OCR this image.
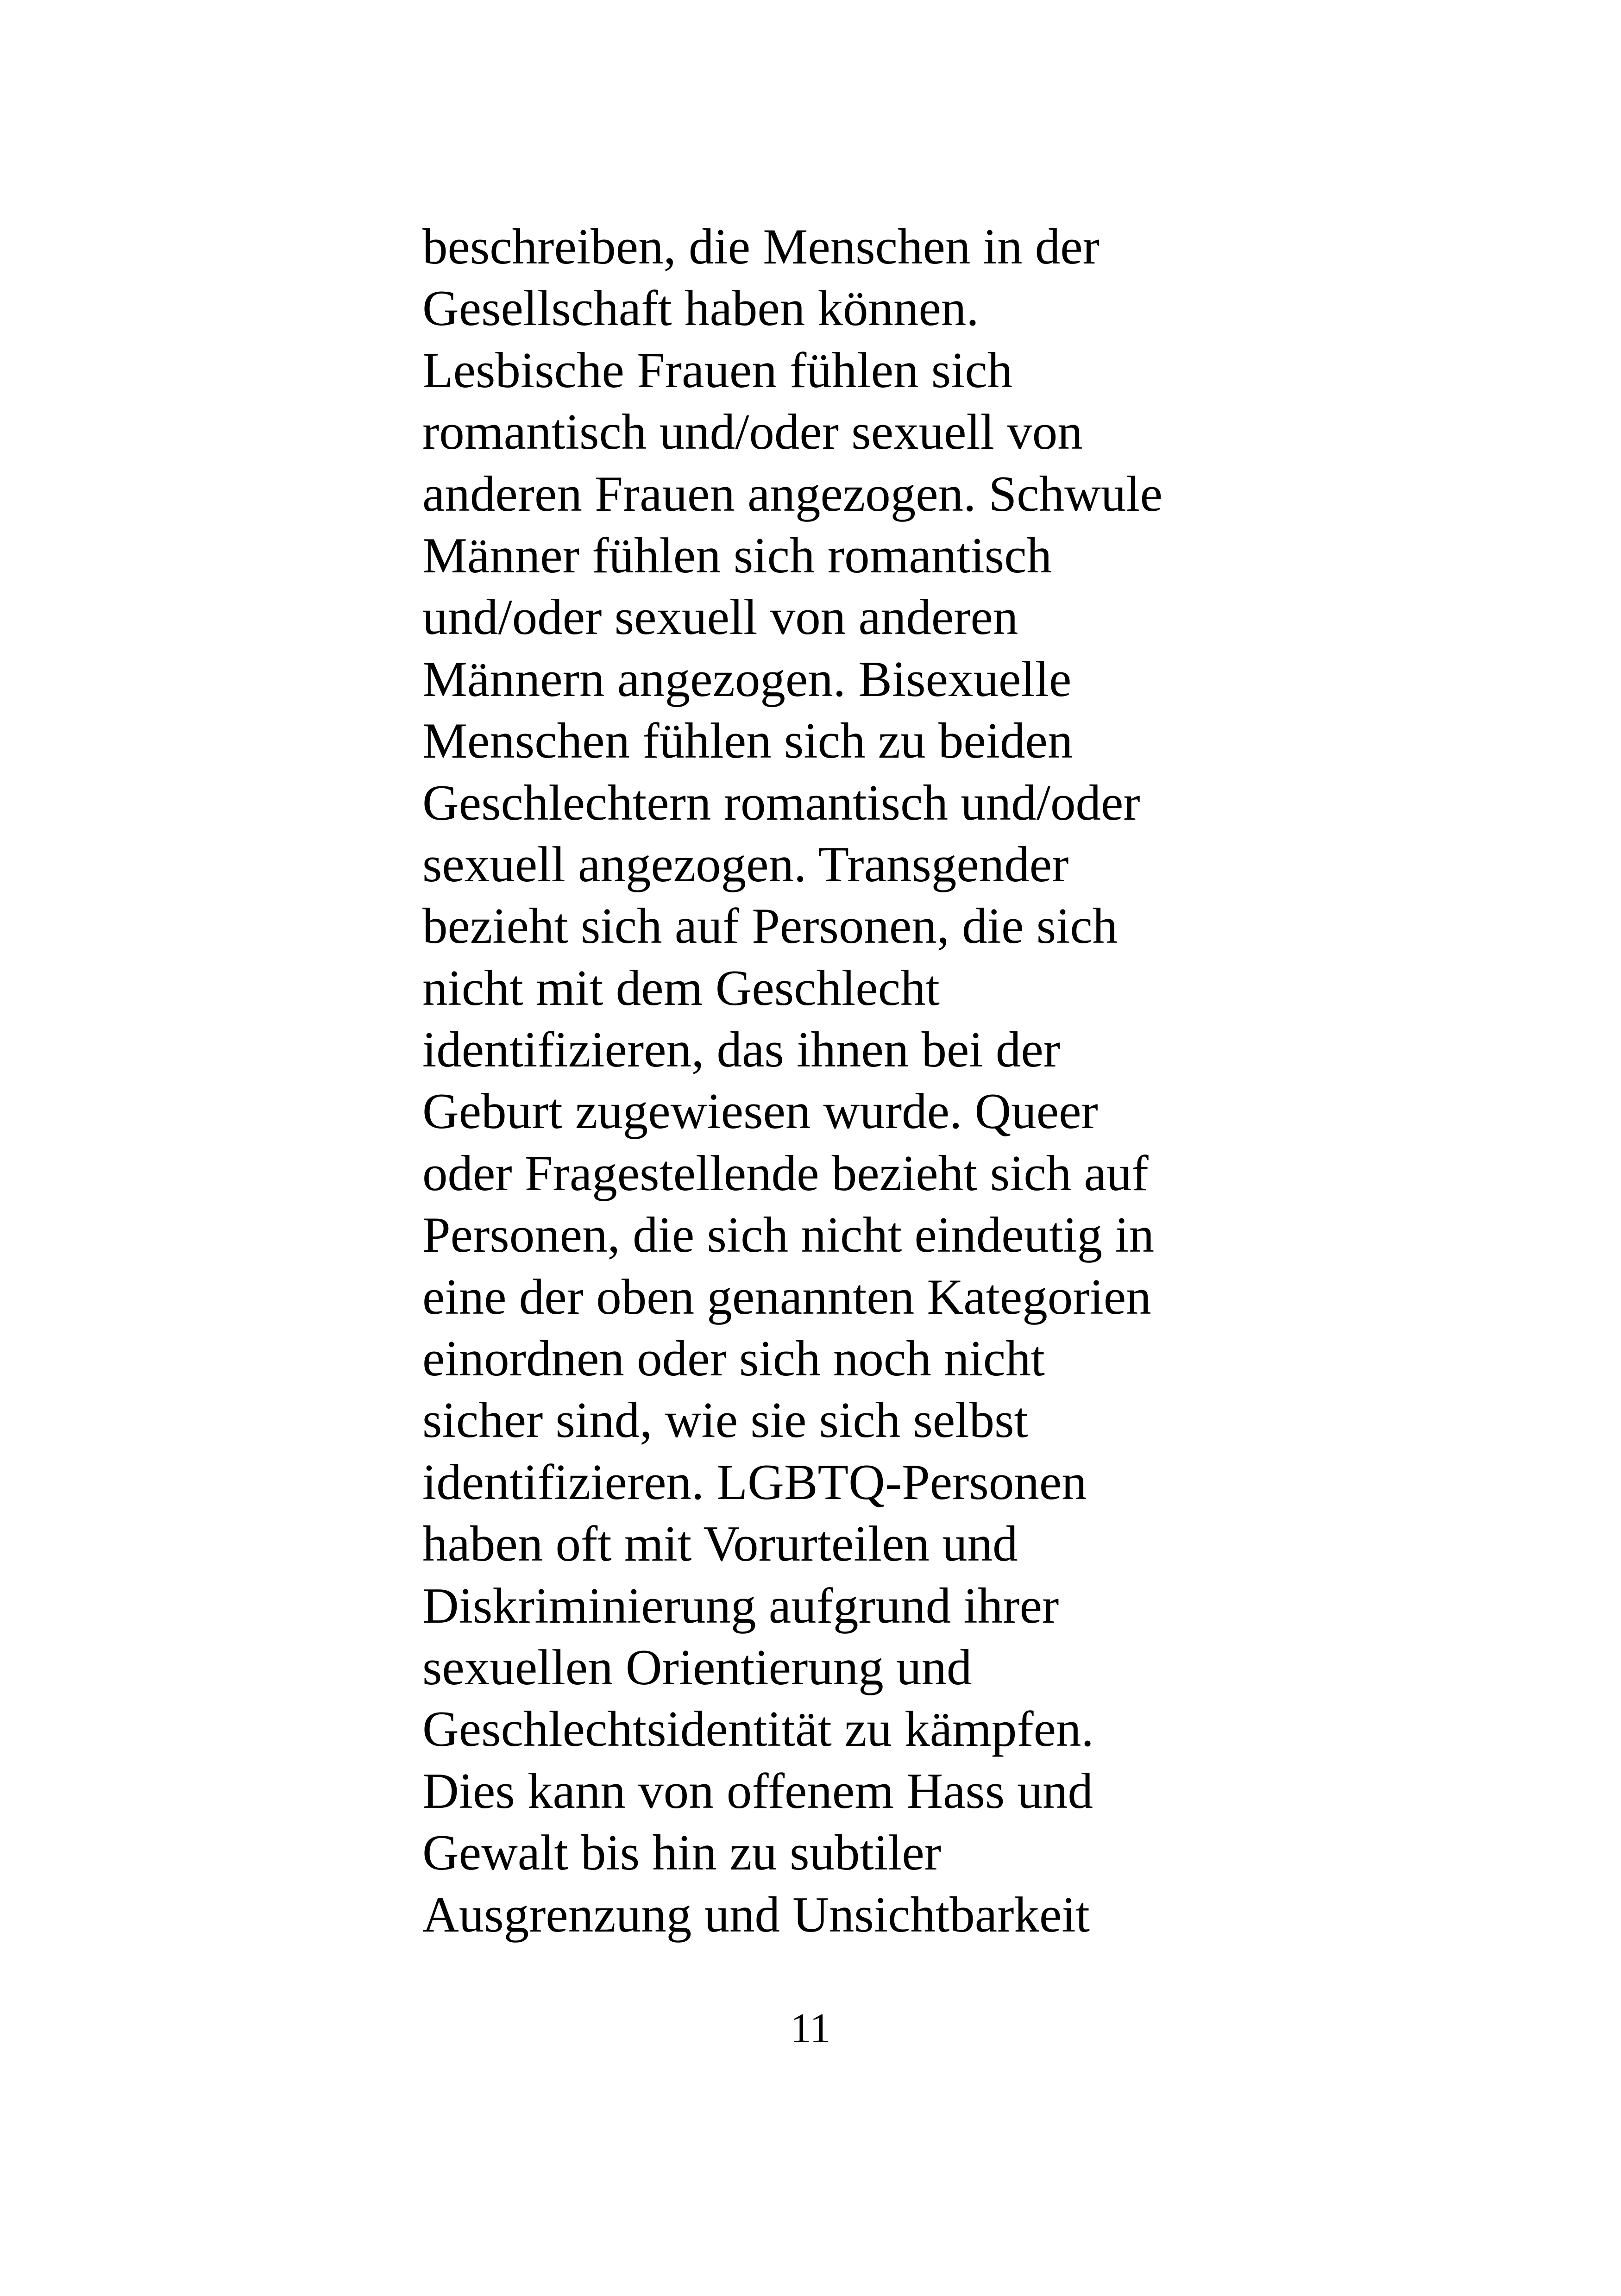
beschreiben, die Menschen in der
Gesellschaft haben können.
Lesbische Frauen fühlen sich
romantisch und/oder sexuell von
anderen Frauen angezogen. Schwule
Männer fühlen sich romantisch
und/oder sexuell von anderen
Männern angezogen. Bisexuelle
Menschen fühlen sich zu beiden
Geschlechtern romantisch und/oder
sexuell angezogen. Transgender
bezieht sich auf Personen, die sich
nicht mit dem Geschlecht
identifizieren, das ihnen bei der
Geburt zugewiesen wurde. Queer
oder Fragestellende bezieht sich auf
Personen, die sich nicht eindeutig in
eine der oben genannten Kategorien
einordnen oder sich noch nicht
sicher sind, wie sie sich selbst
identifizieren. LGBTQ-Personen
haben oft mit Vorurteilen und
Diskriminierung aufgrund ihrer
sexuellen Orientierung und
Geschlechtsidentität zu kämpfen.
Dies kann von offenem Hass und
Gewalt bis hin zu subtiler
Ausgrenzung und Unsichtbarkeit
11
